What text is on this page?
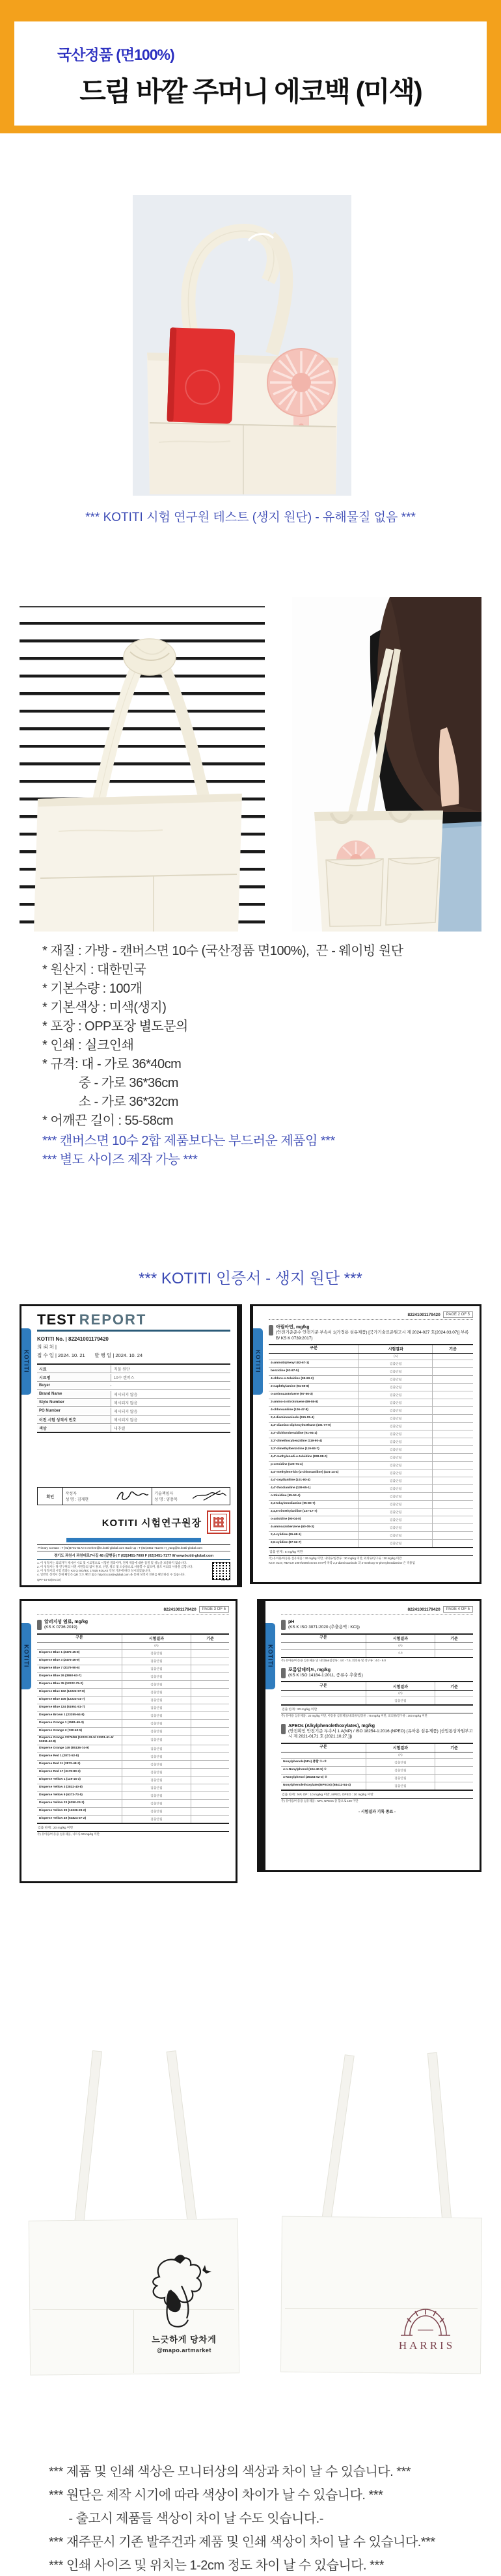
국산정품 (면100%)
드림 바깥 주머니 에코백 (미색)
*** KOTITI 시험 연구원 테스트 (생지 원단) - 유해물질 없음 ***
* 재질 : 가방 - 캔버스면 10수 (국산정품 면100%),  끈 - 웨이빙 원단
* 원산지 : 대한민국
* 기본수량 : 100개
* 기본색상 : 미색(생지)
* 포장 : OPP포장 별도문의
* 인쇄 : 실크인쇄
* 규격: 대 - 가로 36*40cm
중 - 가로 36*36cm
소 - 가로 36*32cm
* 어깨끈 길이 : 55-58cm
*** 캔버스면 10수 2합 제품보다는 부드러운 제품임 ***
*** 별도 사이즈 제작 가능 ***
*** KOTITI 인증서 - 생지 원단 ***
KOTITI
TEST REPORT
KOTITI No. | 82241001179420
의 뢰 처 |
접 수 일 | 2024. 10. 21 발 행 일 | 2024. 10. 24
시료	직물 원단
시료명	10수 캔버스
Buyer
Brand Name	제시되지 않음
Style Number	제시되지 않음
PO Number	제시되지 않음
이전 시험 성적서 번호	제시되지 않음
색상	내추럴
확인
작성자
성 명 : 김재현
기술책임자
성 명 : 양충목
KOTITI 시험연구원장
Primary Contact : T (02)6701-6172 E mehee@kr.kotiti-global.com Back-up : T (02)3451-7110 E H_yang@kr.kotiti-global.com
경기도 과천시 과천대로7나길 48 (갈현동) T (02)3451-7000 F (02)3451-7177 W www.kotiti-global.com
1. 이 성적서는 의뢰자가 제시한 시료 및 시료명으로 시험한 결과이며, 전체 제품에 대한 품질 및 성능을 보증하지 않습니다.
2. 이 성적서는 당 연구원의 사전 서면동의 없이 홍보, 선전, 광고 및 소송용으로 사용할 수 없으며, 용도 이외의 사용을 금합니다.
3. 이 성적서의 시험 결과는 KS Q ISO/IEC 17025 KOLAS 인정 기준에 따라 실시되었습니다.
4. 일반인 성적서 진위 확인은 QR 코드 확인 또는 http://cs.kotiti-global.com 을 통해 성적서 진위를 확인하실 수 있습니다.
QPF-16-03(rev.02)
KOTITI
82241001179420	PAGE 2 OF 5
아릴아민, mg/kg
(안전기준준수 안전기준 부속서 1(가정용 섬유제품) [국가기술표준원고시 제 2024-027 호(2024.03.07)] 부록 B/ KS K 0739:2017)
구분	시험결과	기준
(A)
4-aminobiphenyl (92-67-1)	검출안됨
benzidine (92-87-5)	검출안됨
4-chloro-o-toluidine (95-69-2)	검출안됨
2-naphthylamine (91-59-8)	검출안됨
o-aminoazotoluene (97-56-3)	검출안됨
2-amino-4-nitrotoluene (99-55-8)	검출안됨
4-chloroaniline (106-47-8)	검출안됨
2,4-diaminoanisole (615-05-4)	검출안됨
4,4'-diamino-diphenylmethane (101-77-9)	검출안됨
3,3'-dichlorobenzidine (91-94-1)	검출안됨
3,3'-dimethoxybenzidine (119-90-4)	검출안됨
3,3'-dimethylbenzidine (119-93-7)	검출안됨
4,4'-methylenedi-o-toluidine (838-88-0)	검출안됨
p-cresidine (120-71-4)	검출안됨
4,4'-methylene-bis-(2-chloroaniline) (101-14-4)	검출안됨
4,4'-oxydianiline (101-80-4)	검출안됨
4,4'-thiodianiline (139-65-1)	검출안됨
o-toluidine (95-53-4)	검출안됨
2,4-toluylenediamine (95-80-7)	검출안됨
2,4,5-trimethylaniline (137-17-7)	검출안됨
o-anisidine (90-04-0)	검출안됨
4-aminoazobenzene (60-09-3)	검출안됨
2,4-xylidine (95-68-1)	검출안됨
2,6-xylidine (87-62-7)	검출안됨
검출 한계 : 5 mg/kg 미만
주) 유아용/아동용 섬유제품 : 30 mg/kg 미만, 내의류/침장류 : 30 mg/kg 미만, 외의류/장구류 : 30 mg/kg 미만
KS K 0147, REACH 1907/2006/Annex XVII에 따라 2,4-diaminoanisole 과 4-methoxy-m-phenylenediamine 은 적용됨
KOTITI
82241001179420	PAGE 3 OF 5
알러지성 염료, mg/kg
(KS K 0736:2019)
구분	시험결과	기준
(A)
Disperse Blue 1 (2475-45-8)	검출안됨
Disperse Blue 3 (2475-46-9)	검출안됨
Disperse Blue 7 (3179-90-6)	검출안됨
Disperse Blue 26 (3860-63-7)	검출안됨
Disperse Blue 35 (12222-75-2)	검출안됨
Disperse Blue 102 (12222-97-8)	검출안됨
Disperse Blue 106 (12223-01-7)	검출안됨
Disperse Blue 124 (61951-51-7)	검출안됨
Disperse Brown 1 (23355-64-8)	검출안됨
Disperse Orange 1 (2581-69-3)	검출안됨
Disperse Orange 3 (730-40-5)	검출안됨
Disperse Orange 37/76/59 (12223-33-5/ 13301-61-6/ 51811-42-8)	검출안됨
Disperse Orange 149 (85136-74-9)	검출안됨
Disperse Red 1 (2872-52-8)	검출안됨
Disperse Red 11 (2872-48-2)	검출안됨
Disperse Red 17 (3179-89-3)	검출안됨
Disperse Yellow 1 (119-15-3)	검출안됨
Disperse Yellow 3 (2832-40-8)	검출안됨
Disperse Yellow 9 (6373-73-5)	검출안됨
Disperse Yellow 23 (6250-23-3)	검출안됨
Disperse Yellow 39 (12236-29-2)	검출안됨
Disperse Yellow 49 (54824-37-2)	검출안됨
검출 한계 : 20 mg/kg 미만
주) 유아용/아동용 섬유제품, 니트류 50 mg/kg 미만
KOTITI
82241001179420	PAGE 4 OF 5
pH
(KS K ISO 3071:2020 (추출용액 : KCl))
구분	시험결과	기준
(A)
4.5
주) 유아용/아동용 섬유제품 및 내의류&침장류 : 4.0 - 7.5, 외의류 및 장구류 : 4.0 - 9.0
포름알데히드, mg/kg
(KS K ISO 14184-1:2011, 증류수 추출법)
구분	시험결과	기준
(A)
검출안됨
검출 한계 : 20 mg/kg 미만
주) 유아용 섬유제품 : 20 mg/kg 미만, 아동용 섬유제품/내의류/침장류 : 75 mg/kg 미만, 외의류/장구류 : 300 mg/kg 미만
APEOs (Alkylphenolethoxylates), mg/kg
(안전확인 안전기준 부속서 1.A(NP) / ISO 18254-1:2016 (NPEO) (유아용 섬유제품) [산업통상자원부고시 제 2021-0171 호 (2021.10.27.)])
구분	시험결과	기준
(A)
Nonylphenols(NPs) 총합 ①+②	검출안됨
4-n-Nonylphenol (104-40-5) ①	검출안됨
4-Nonylphenol (25154-52-3) ②	검출안됨
Nonylphenolethoxylates(NPEOs) (68412-54-4)	검출안됨
검출 한계 : NP, OP : 10 mg/kg 미만, NPEO, OPEO : 30 mg/kg 미만
주) 유아용/아동용 섬유제품 : NPs, NPEOs 총 합으로 100 미만
- 시험결과 기록 종료 -
느긋하게 당차게
@mapo.artmarket	HARRIS
*** 제품 및 인쇄 색상은 모니터상의 색상과 차이 날 수 있습니다. ***
*** 원단은 제작 시기에 따라 색상이 차이가 날 수 있습니다. ***
- 출고시 제품들 색상이 차이 날 수도 잇습니다.-
*** 재주문시 기존 발주건과 제품 및 인쇄 색상이 차이 날 수 있습니다.***
*** 인쇄 사이즈 및 위치는 1-2cm 정도 차이 날 수 있습니다. ***
